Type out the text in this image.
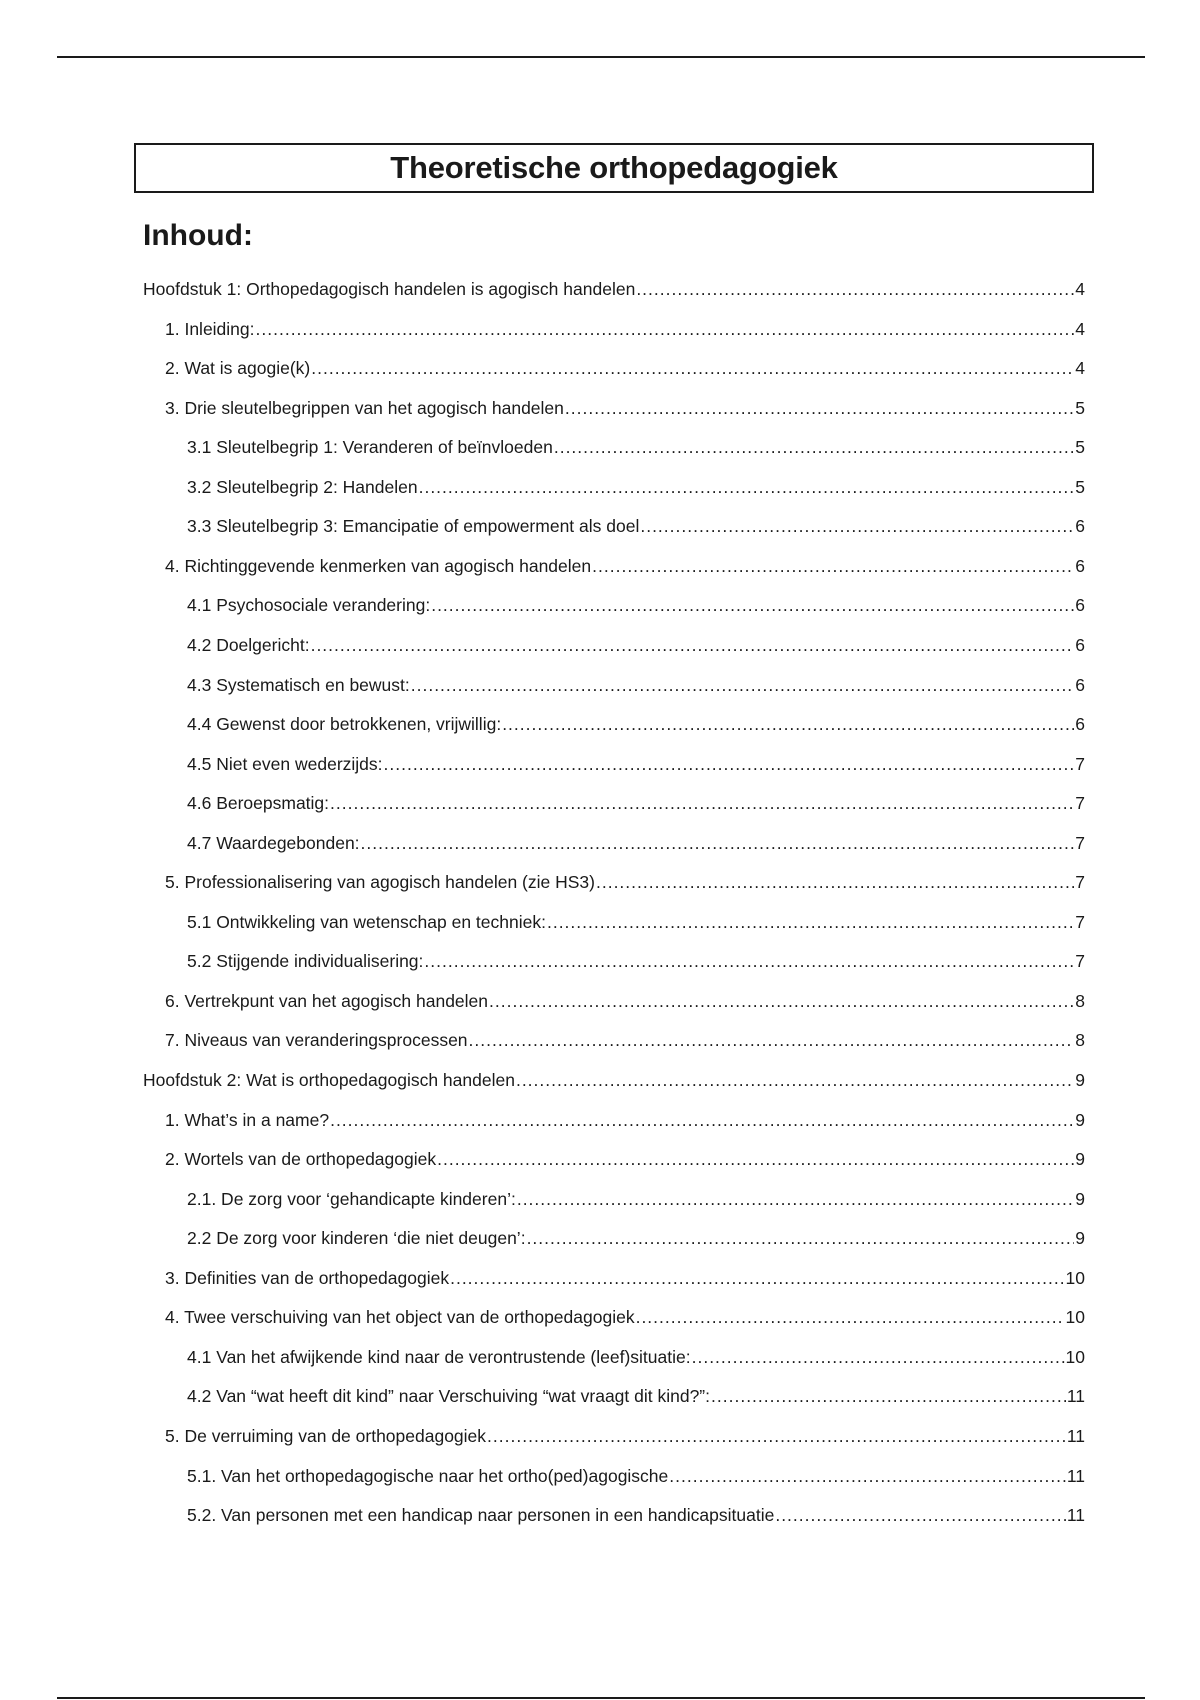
Theoretische orthopedagogiek
Inhoud:
Hoofdstuk 1: Orthopedagogisch handelen is agogisch handelen .....	4
1. Inleiding: .....	4
2. Wat is agogie(k) .....	4
3. Drie sleutelbegrippen van het agogisch handelen .....	5
3.1 Sleutelbegrip 1: Veranderen of beïnvloeden .....	5
3.2 Sleutelbegrip 2: Handelen .....	5
3.3 Sleutelbegrip 3: Emancipatie of empowerment als doel .....	6
4. Richtinggevende kenmerken van agogisch handelen .....	6
4.1 Psychosociale verandering: .....	6
4.2 Doelgericht: .....	6
4.3 Systematisch en bewust: .....	6
4.4 Gewenst door betrokkenen, vrijwillig: .....	6
4.5 Niet even wederzijds: .....	7
4.6 Beroepsmatig: .....	7
4.7 Waardegebonden: .....	7
5. Professionalisering van agogisch handelen (zie HS3) .....	7
5.1 Ontwikkeling van wetenschap en techniek: .....	7
5.2 Stijgende individualisering: .....	7
6. Vertrekpunt van het agogisch handelen .....	8
7. Niveaus van veranderingsprocessen .....	8
Hoofdstuk 2: Wat is orthopedagogisch handelen .....	9
1. What’s in a name? .....	9
2. Wortels van de orthopedagogiek .....	9
2.1. De zorg voor ‘gehandicapte kinderen’: .....	9
2.2 De zorg voor kinderen ‘die niet deugen’: .....	9
3. Definities van de orthopedagogiek .....	10
4. Twee verschuiving van het object van de orthopedagogiek .....	10
4.1 Van het afwijkende kind naar de verontrustende (leef)situatie: .....	10
4.2 Van “wat heeft dit kind” naar Verschuiving “wat vraagt dit kind?”: .....	11
5. De verruiming van de orthopedagogiek .....	11
5.1. Van het orthopedagogische naar het ortho(ped)agogische .....	11
5.2. Van personen met een handicap naar personen in een handicapsituatie .....	11
